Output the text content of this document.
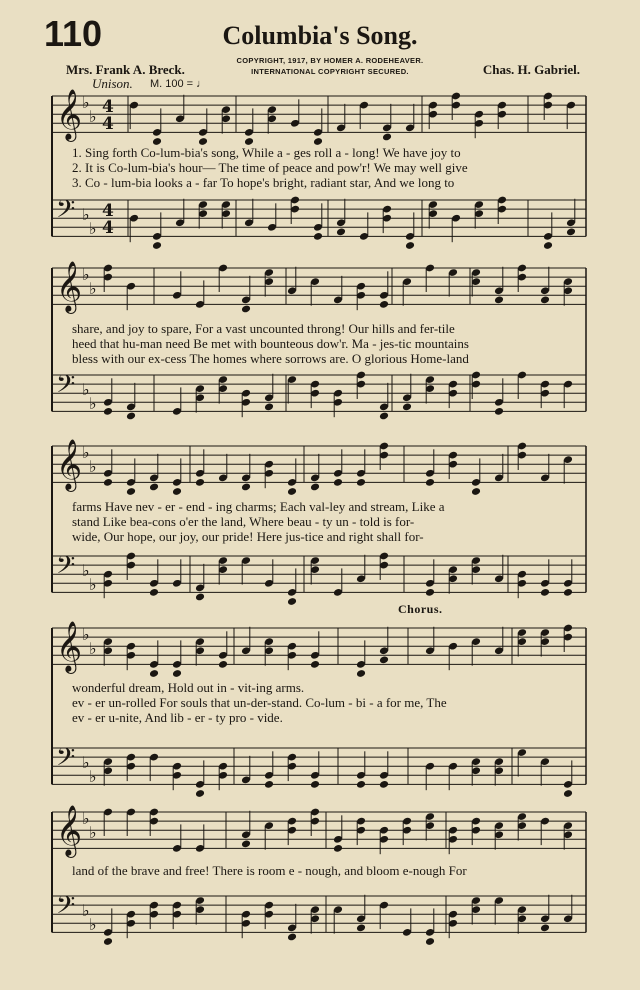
𝄞 ♭
♭ 4
4
𝄢 ♭
♭
4
4
𝄞 ♭
♭
𝄢 ♭
♭
𝄞 ♭
♭
𝄢 ♭
♭
𝄞 ♭
♭
𝄢 ♭
♭
𝄞 ♭
♭
𝄢 ♭
♭
110	Columbia's Song.
Mrs. Frank A. Breck.	Chas. H. Gabriel.
COPYRIGHT, 1917, BY HOMER A. RODEHEAVER.
INTERNATIONAL COPYRIGHT SECURED.
Unison. M. 100 = ♩
Chorus.
1. Sing forth Co-lum-bia's song, While a - ges roll a - long! We have joy to
2. It is Co-lum-bia's hour— The time of peace and pow'r! We may well give
3. Co - lum-bia looks a - far To hope's bright, radiant star, And we long to
share, and joy to spare, For a vast uncounted throng! Our hills and fer-tile
heed that hu-man need Be met with bounteous dow'r. Ma - jes-tic mountains
bless with our ex-cess The homes where sorrows are. O glorious Home-land
farms Have nev - er - end - ing charms; Each val-ley and stream, Like a
stand Like bea-cons o'er the land, Where beau - ty un - told is for-
wide, Our hope, our joy, our pride! Here jus-tice and right shall for-
wonderful dream, Hold out in - vit-ing arms.
ev - er un-rolled For souls that un-der-stand. Co-lum - bi - a for me, The
ev - er u-nite, And lib - er - ty pro - vide.
land of the brave and free! There is room e - nough, and bloom e-nough For
